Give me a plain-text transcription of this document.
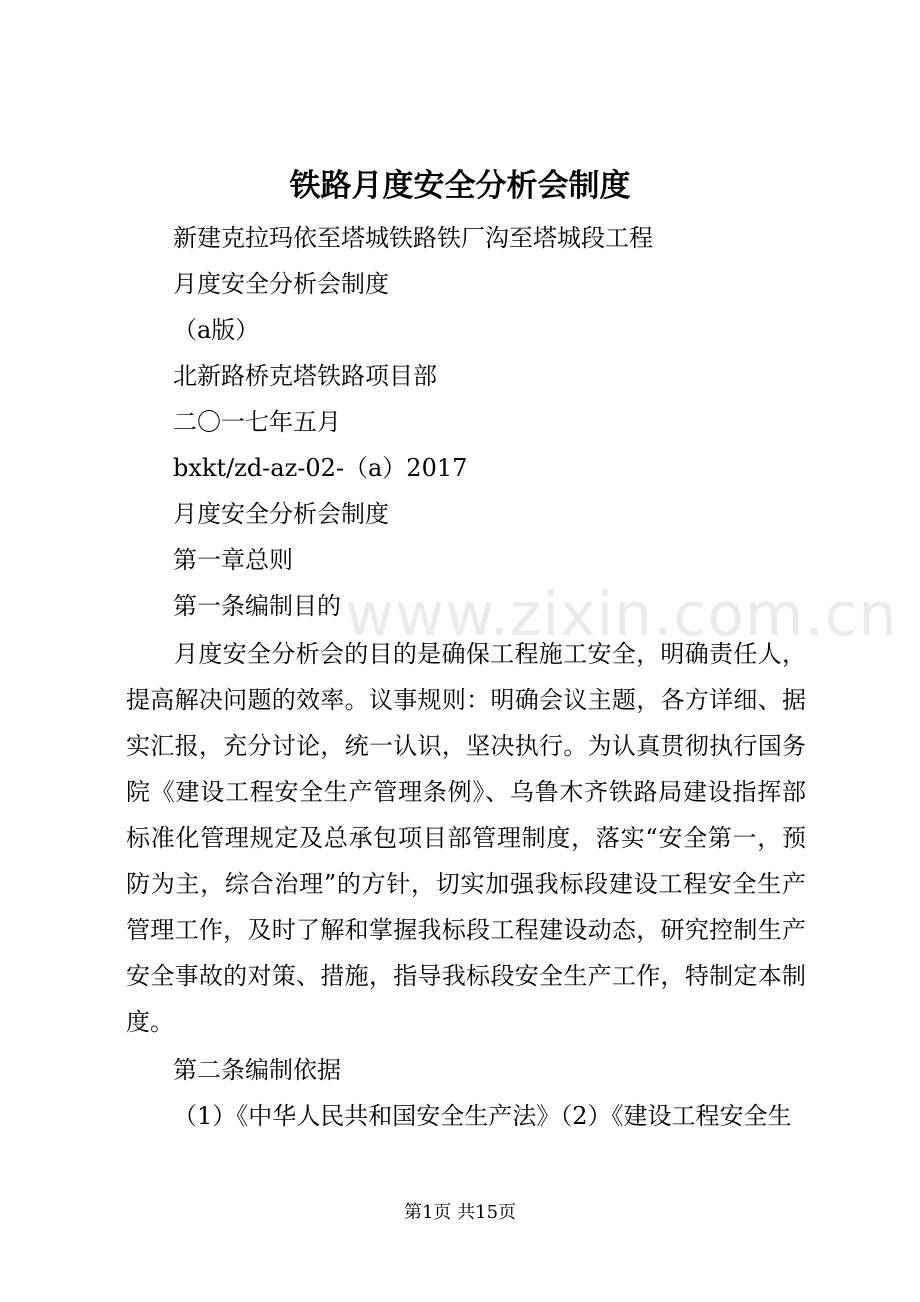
铁路月度安全分析会制度
新建克拉玛依至塔城铁路铁厂沟至塔城段工程
月度安全分析会制度
（a版）
北新路桥克塔铁路项目部
二〇一七年五月
bxkt/zd-az-02-（a）2017
月度安全分析会制度
第一章总则
第一条编制目的
月度安全分析会的目的是确保工程施工安全，明确责任人，提高解决问题的效率。议事规则：明确会议主题，各方详细、据实汇报，充分讨论，统一认识，坚决执行。为认真贯彻执行国务院《建设工程安全生产管理条例》、乌鲁木齐铁路局建设指挥部标准化管理规定及总承包项目部管理制度，落实“安全第一，预防为主，综合治理”的方针，切实加强我标段建设工程安全生产管理工作，及时了解和掌握我标段工程建设动态，研究控制生产安全事故的对策、措施，指导我标段安全生产工作，特制定本制度。
第二条编制依据
（1）《中华人民共和国安全生产法》（2）《建设工程安全生
www.zixin.com.cn
第1页 共15页
